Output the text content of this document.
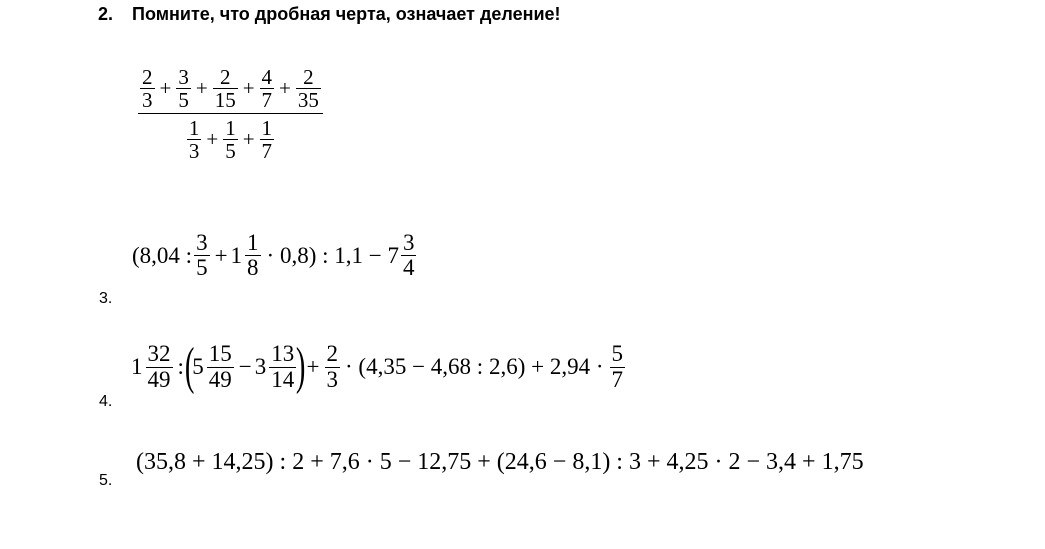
2. Помните, что дробная черта, означает деление!
$\frac{2}{3} + \frac{3}{5} + \frac{2}{15} + \frac{4}{7} + \frac{2}{35}$
$\frac{1}{3} + \frac{1}{5} + \frac{1}{7}$
3.
(8,04 : $\frac{3}{5} + 1 \frac{1}{8} \cdot 0,8$) : $1,1 - 7 \frac{3}{4}$
4.
$1 \frac{32}{49}$ : (
$5 \frac{15}{49} - 3 \frac{13}{14}$ ) + $\frac{2}{3} \cdot (4,35 - 4,68$ : $2,6) + 2,94 \cdot \frac{5}{7}$
5.
(35,8 + 14,25) : 2 + 7,6 · 5 − 12,75 + (24,6 − 8,1) : 3 + 4,25 · 2 − 3,4 + 1,75
